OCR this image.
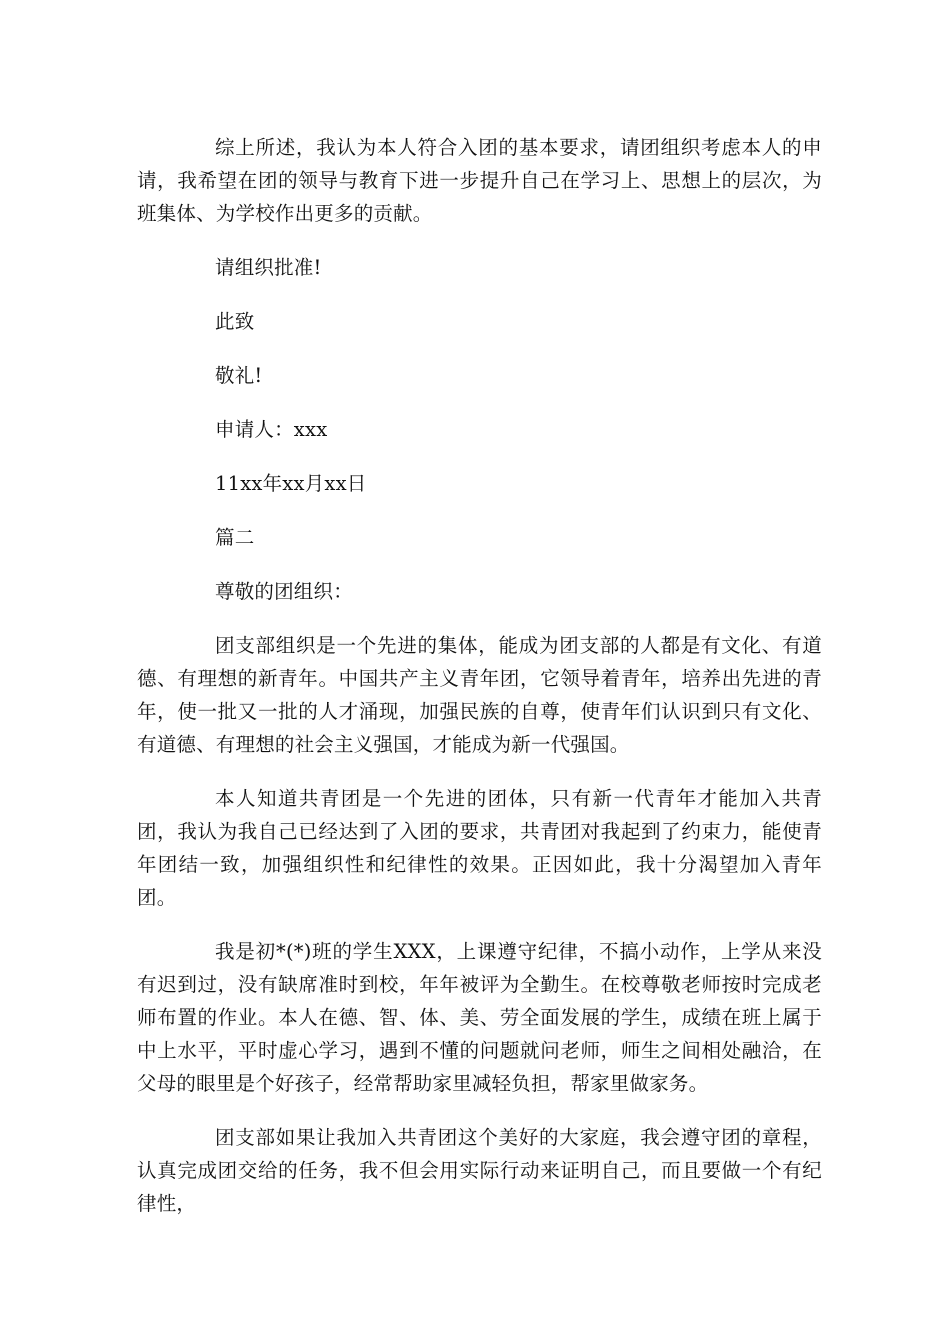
综上所述，我认为本人符合入团的基本要求，请团组织考虑本人的申请，我希望在团的领导与教育下进一步提升自己在学习上、思想上的层次，为班集体、为学校作出更多的贡献。

请组织批准!

此致

敬礼!

申请人：xxx

11xx年xx月xx日

篇二

尊敬的团组织：

团支部组织是一个先进的集体，能成为团支部的人都是有文化、有道德、有理想的新青年。中国共产主义青年团，它领导着青年，培养出先进的青年，使一批又一批的人才涌现，加强民族的自尊，使青年们认识到只有文化、有道德、有理想的社会主义强国，才能成为新一代强国。

本人知道共青团是一个先进的团体，只有新一代青年才能加入共青团，我认为我自己已经达到了入团的要求，共青团对我起到了约束力，能使青年团结一致，加强组织性和纪律性的效果。正因如此，我十分渴望加入青年团。

我是初*(*)班的学生XXX，上课遵守纪律，不搞小动作，上学从来没有迟到过，没有缺席准时到校，年年被评为全勤生。在校尊敬老师按时完成老师布置的作业。本人在德、智、体、美、劳全面发展的学生，成绩在班上属于中上水平，平时虚心学习，遇到不懂的问题就问老师，师生之间相处融洽，在父母的眼里是个好孩子，经常帮助家里减轻负担，帮家里做家务。

团支部如果让我加入共青团这个美好的大家庭，我会遵守团的章程，认真完成团交给的任务，我不但会用实际行动来证明自己，而且要做一个有纪律性，
